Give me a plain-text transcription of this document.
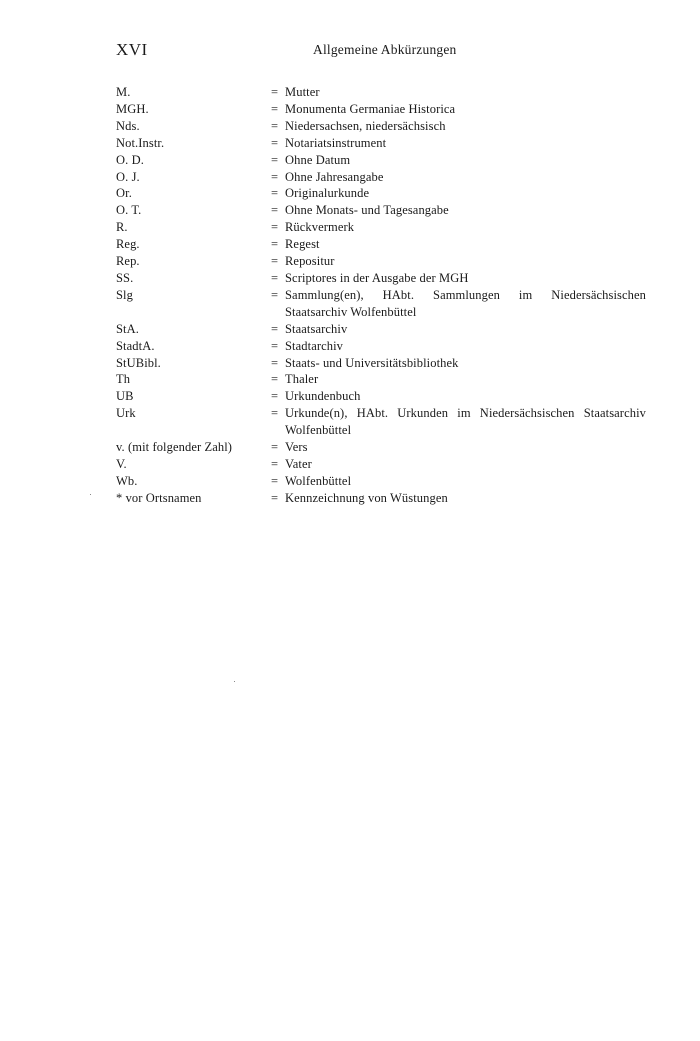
XVI	Allgemeine Abkürzungen
M.	= Mutter
MGH.	= Monumenta Germaniae Historica
Nds.	= Niedersachsen, niedersächsisch
Not.Instr.	= Notariatsinstrument
O. D.	= Ohne Datum
O. J.	= Ohne Jahresangabe
Or.	= Originalurkunde
O. T.	= Ohne Monats- und Tagesangabe
R.	= Rückvermerk
Reg.	= Regest
Rep.	= Repositur
SS.	= Scriptores in der Ausgabe der MGH
Slg	= Sammlung(en), HAbt. Sammlungen im Niedersächsischen Staatsarchiv Wolfenbüttel
StA.	= Staatsarchiv
StadtA.	= Stadtarchiv
StUBibl.	= Staats- und Universitätsbibliothek
Th	= Thaler
UB	= Urkundenbuch
Urk	= Urkunde(n), HAbt. Urkunden im Niedersächsischen Staatsarchiv Wolfenbüttel
v. (mit folgender Zahl)	= Vers
V.	= Vater
Wb.	= Wolfenbüttel
* vor Ortsnamen	= Kennzeichnung von Wüstungen
